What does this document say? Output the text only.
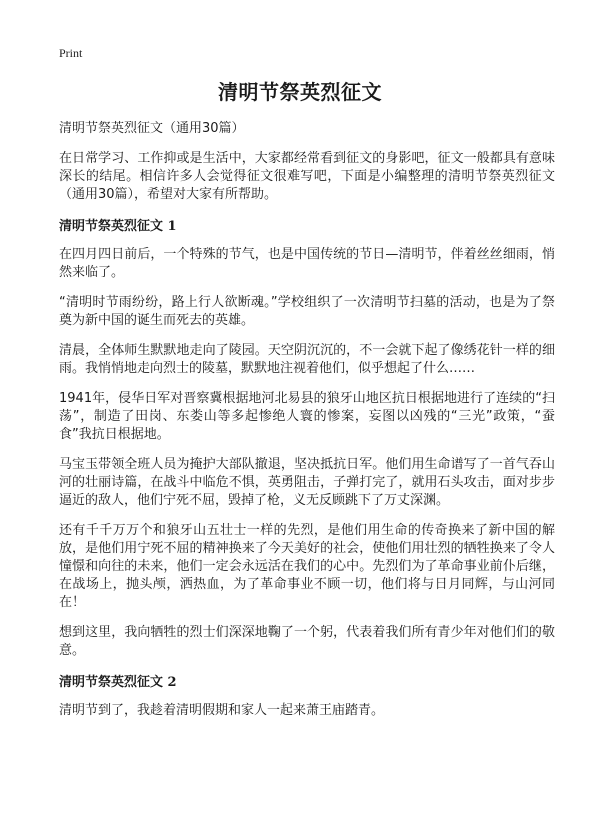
Print
清明节祭英烈征文
清明节祭英烈征文（通用30篇）

在日常学习、工作抑或是生活中，大家都经常看到征文的身影吧，征文一般都具有意味深长的结尾。相信许多人会觉得征文很难写吧，下面是小编整理的清明节祭英烈征文（通用30篇），希望对大家有所帮助。

清明节祭英烈征文 1

在四月四日前后，一个特殊的节气，也是中国传统的节日—清明节，伴着丝丝细雨，悄然来临了。

“清明时节雨纷纷，路上行人欲断魂。”学校组织了一次清明节扫墓的活动，也是为了祭奠为新中国的诞生而死去的英雄。

清晨，全体师生默默地走向了陵园。天空阴沉沉的，不一会就下起了像绣花针一样的细雨。我悄悄地走向烈士的陵墓，默默地注视着他们，似乎想起了什么……

1941年，侵华日军对晋察冀根据地河北易县的狼牙山地区抗日根据地进行了连续的“扫荡”，制造了田岗、东娄山等多起惨绝人寰的惨案，妄图以凶残的“三光”政策，“蚕食”我抗日根据地。

马宝玉带领全班人员为掩护大部队撤退，坚决抵抗日军。他们用生命谱写了一首气吞山河的壮丽诗篇，在战斗中临危不惧，英勇阻击，子弹打完了，就用石头攻击，面对步步逼近的敌人，他们宁死不屈，毁掉了枪，义无反顾跳下了万丈深渊。

还有千千万万个和狼牙山五壮士一样的先烈，是他们用生命的传奇换来了新中国的解放，是他们用宁死不屈的精神换来了今天美好的社会，使他们用壮烈的牺牲换来了令人憧憬和向往的未来，他们一定会永远活在我们的心中。先烈们为了革命事业前仆后继，在战场上，抛头颅，洒热血，为了革命事业不顾一切，他们将与日月同辉，与山河同在！

想到这里，我向牺牲的烈士们深深地鞠了一个躬，代表着我们所有青少年对他们们的敬意。

清明节祭英烈征文 2

清明节到了，我趁着清明假期和家人一起来萧王庙踏青。
